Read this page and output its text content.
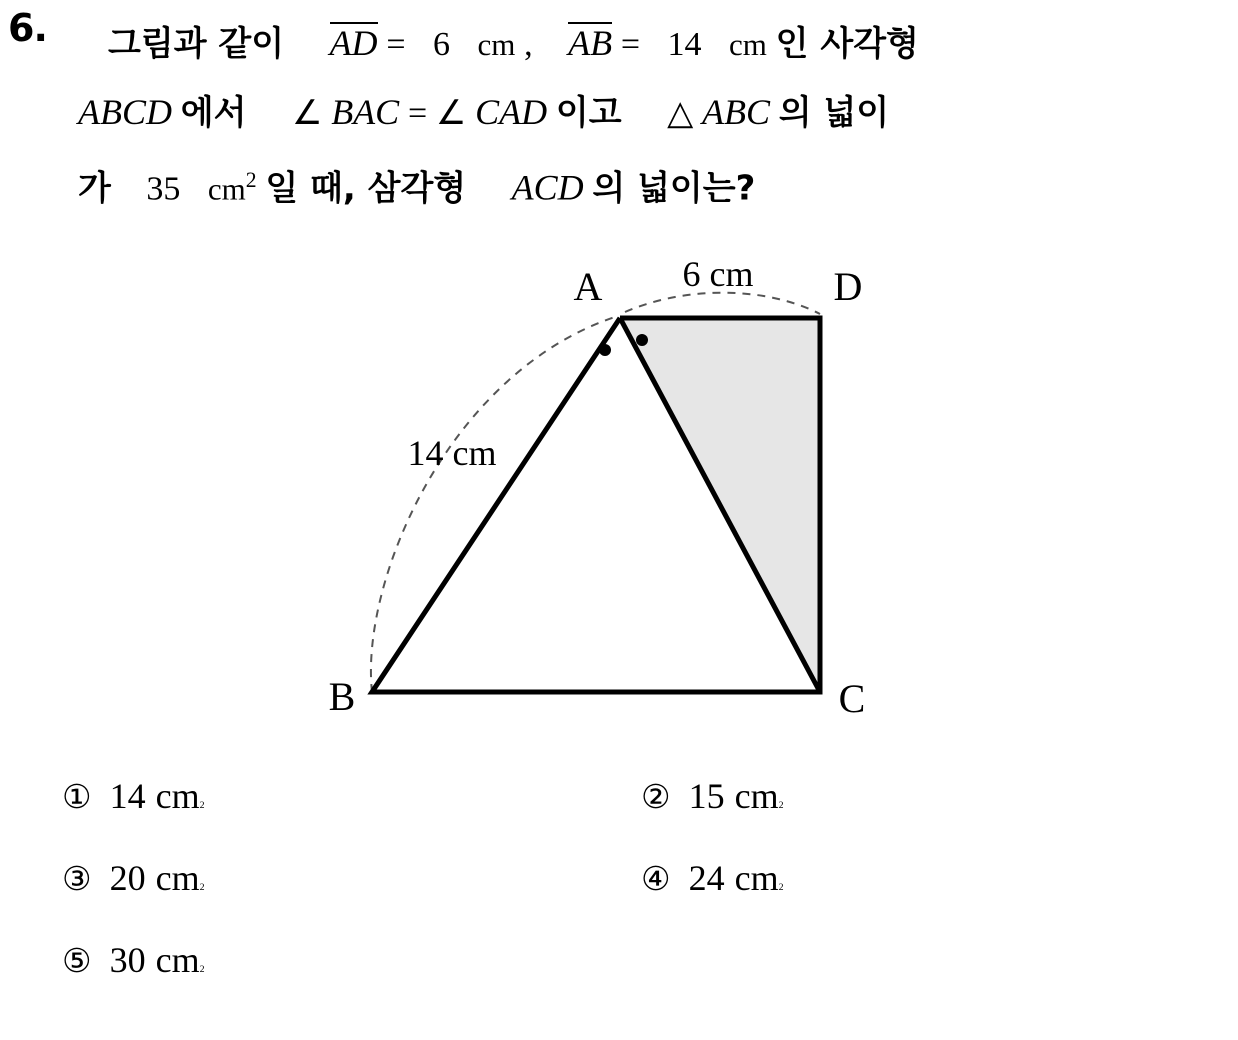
6. 그림과 같이 AD = 6 cm , AB = 14 cm 인 사각형
ABCD 에서 ∠ BAC = ∠ CAD 이고 △ ABC 의 넓이
가 35 $cm^2$ 일 때, 삼각형 ACD 의 넓이는?
A	D
B	C
6 cm
14 cm
① 14 $cm_2$	② 15 $cm_2$
③ 20 $cm_2$	④ 24 $cm_2$
⑤ 30 $cm_2$
